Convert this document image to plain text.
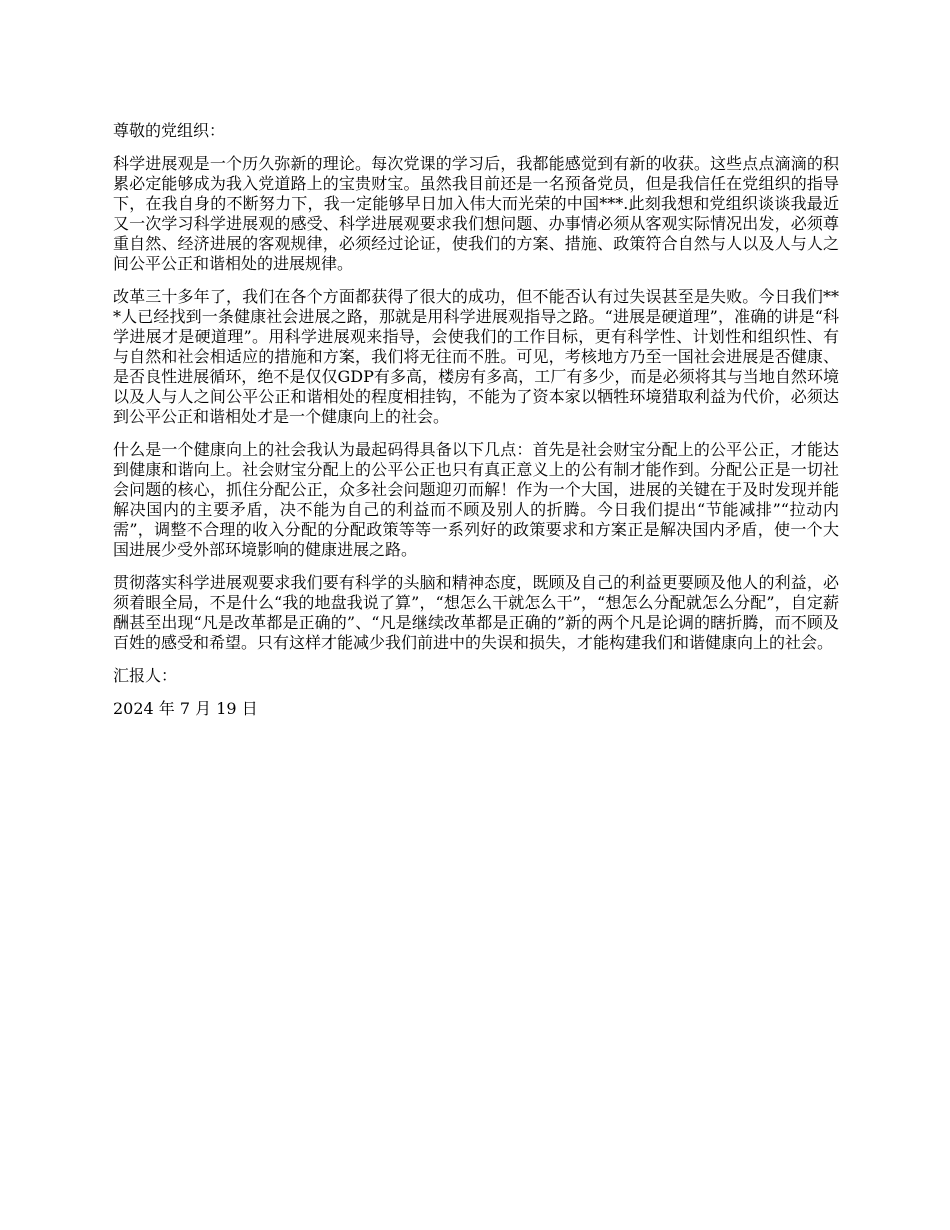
尊敬的党组织：

科学进展观是一个历久弥新的理论。每次党课的学习后，我都能感觉到有新的收获。这些点点滴滴的积累必定能够成为我入党道路上的宝贵财宝。虽然我目前还是一名预备党员，但是我信任在党组织的指导下，在我自身的不断努力下，我一定能够早日加入伟大而光荣的中国***.此刻我想和党组织谈谈我最近又一次学习科学进展观的感受、科学进展观要求我们想问题、办事情必须从客观实际情况出发，必须尊重自然、经济进展的客观规律，必须经过论证，使我们的方案、措施、政策符合自然与人以及人与人之间公平公正和谐相处的进展规律。

改革三十多年了，我们在各个方面都获得了很大的成功，但不能否认有过失误甚至是失败。今日我们***人已经找到一条健康社会进展之路，那就是用科学进展观指导之路。“进展是硬道理”，准确的讲是“科学进展才是硬道理”。用科学进展观来指导，会使我们的工作目标，更有科学性、计划性和组织性、有与自然和社会相适应的措施和方案，我们将无往而不胜。可见，考核地方乃至一国社会进展是否健康、是否良性进展循环，绝不是仅仅GDP有多高，楼房有多高，工厂有多少，而是必须将其与当地自然环境以及人与人之间公平公正和谐相处的程度相挂钩，不能为了资本家以牺牲环境猎取利益为代价，必须达到公平公正和谐相处才是一个健康向上的社会。

什么是一个健康向上的社会我认为最起码得具备以下几点：首先是社会财宝分配上的公平公正，才能达到健康和谐向上。社会财宝分配上的公平公正也只有真正意义上的公有制才能作到。分配公正是一切社会问题的核心，抓住分配公正，众多社会问题迎刃而解！作为一个大国，进展的关键在于及时发现并能解决国内的主要矛盾，决不能为自己的利益而不顾及别人的折腾。今日我们提出“节能减排”“拉动内需”，调整不合理的收入分配的分配政策等等一系列好的政策要求和方案正是解决国内矛盾，使一个大国进展少受外部环境影响的健康进展之路。

贯彻落实科学进展观要求我们要有科学的头脑和精神态度，既顾及自己的利益更要顾及他人的利益，必须着眼全局，不是什么“我的地盘我说了算”，“想怎么干就怎么干”，“想怎么分配就怎么分配”，自定薪酬甚至出现“凡是改革都是正确的”、“凡是继续改革都是正确的”新的两个凡是论调的瞎折腾，而不顾及百姓的感受和希望。只有这样才能减少我们前进中的失误和损失，才能构建我们和谐健康向上的社会。

汇报人：

2024 年 7 月 19 日
